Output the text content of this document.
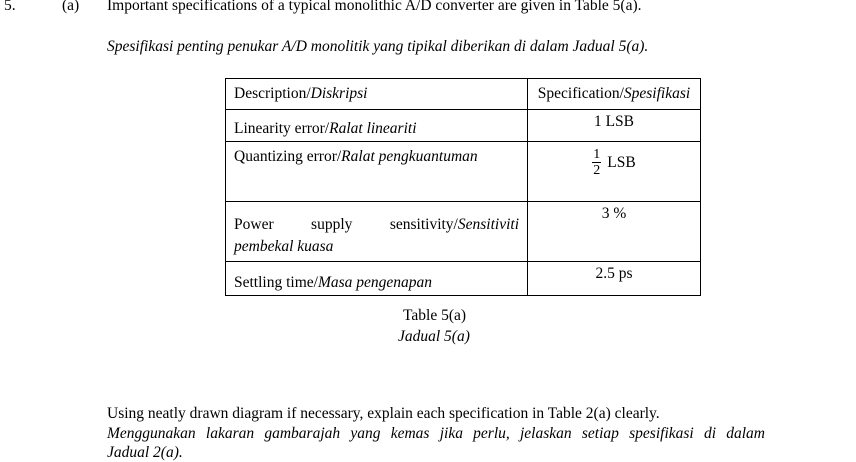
5.	(a) Important specifications of a typical monolithic A/D converter are given in Table 5(a).
Spesifikasi penting penukar A/D monolitik yang tipikal diberikan di dalam Jadual 5(a).
Description/Diskripsi	Specification/Spesifikasi
Linearity error/Ralat lineariti	1 LSB
Quantizing error/Ralat pengkuantuman	$\frac{1}{2}$ LSB

Power supply sensitivity/Sensitiviti
pembekal kuasa	3 %
Settling time/Masa pengenapan	2.5 ps
Table 5(a)
Jadual 5(a)
Using neatly drawn diagram if necessary, explain each specification in Table 2(a) clearly.
Menggunakan lakaran gambarajah yang kemas jika perlu, jelaskan setiap spesifikasi di dalam
Jadual 2(a).
